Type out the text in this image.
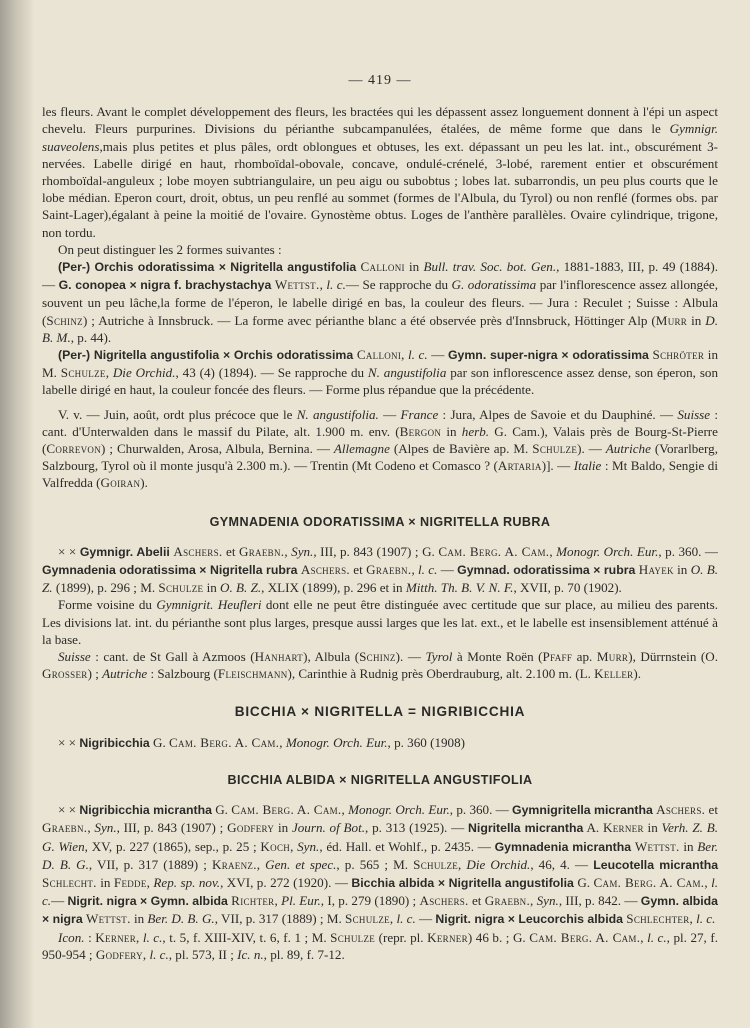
— 419 —

les fleurs. Avant le complet développement des fleurs, les bractées qui les dépassent assez longuement donnent à l'épi un aspect chevelu. Fleurs purpurines. Divisions du périanthe subcampanulées, étalées, de même forme que dans le Gymnigr. suaveolens,mais plus petites et plus pâles, ordt oblongues et obtuses, les ext. dépassant un peu les lat. int., obscurément 3-nervées. Labelle dirigé en haut, rhomboïdal-obovale, concave, ondulé-crénelé, 3-lobé, rarement entier et obscurément rhomboïdal-anguleux ; lobe moyen subtriangulaire, un peu aigu ou subobtus ; lobes lat. subarrondis, un peu plus courts que le lobe médian. Eperon court, droit, obtus, un peu renflé au sommet (formes de l'Albula, du Tyrol) ou non renflé (formes obs. par Saint-Lager),égalant à peine la moitié de l'ovaire. Gynostème obtus. Loges de l'anthère parallèles. Ovaire cylindrique, trigone, non tordu.

On peut distinguer les 2 formes suivantes :

(Per-) Orchis odoratissima × Nigritella angustifolia Calloni in Bull. trav. Soc. bot. Gen., 1881-1883, III, p. 49 (1884). — G. conopea × nigra f. brachystachya Wettst., l. c.— Se rapproche du G. odoratissima par l'inflorescence assez allongée, souvent un peu lâche,la forme de l'éperon, le labelle dirigé en bas, la couleur des fleurs. — Jura : Reculet ; Suisse : Albula (Schinz) ; Autriche à Innsbruck. — La forme avec périanthe blanc a été observée près d'Innsbruck, Höttinger Alp (Murr in D. B. M., p. 44).

(Per-) Nigritella angustifolia × Orchis odoratissima Calloni, l. c. — Gymn. super-nigra × odoratissima Schröter in M. Schulze, Die Orchid., 43 (4) (1894). — Se rapproche du N. angustifolia par son inflorescence assez dense, son éperon, son labelle dirigé en haut, la couleur foncée des fleurs. — Forme plus répandue que la précédente.

V. v. — Juin, août, ordt plus précoce que le N. angustifolia. — France : Jura, Alpes de Savoie et du Dauphiné. — Suisse : cant. d'Unterwalden dans le massif du Pilate, alt. 1.900 m. env. (Bergon in herb. G. Cam.), Valais près de Bourg-St-Pierre (Correvon) ; Churwalden, Arosa, Albula, Bernina. — Allemagne (Alpes de Bavière ap. M. Schulze). — Autriche (Vorarlberg, Salzbourg, Tyrol où il monte jusqu'à 2.300 m.). — Trentin (Mt Codeno et Comasco ? (Artaria)]. — Italie : Mt Baldo, Sengie di Valfredda (Goiran).

GYMNADENIA ODORATISSIMA × NIGRITELLA RUBRA

× × Gymnigr. Abelii Aschers. et Graebn., Syn., III, p. 843 (1907) ; G. Cam. Berg. A. Cam., Monogr. Orch. Eur., p. 360. — Gymnadenia odoratissima × Nigritella rubra Aschers. et Graebn., l. c. — Gymnad. odoratissima × rubra Hayek in O. B. Z. (1899), p. 296 ; M. Schulze in O. B. Z., XLIX (1899), p. 296 et in Mitth. Th. B. V. N. F., XVII, p. 70 (1902).

Forme voisine du Gymnigrit. Heufleri dont elle ne peut être distinguée avec certitude que sur place, au milieu des parents. Les divisions lat. int. du périanthe sont plus larges, presque aussi larges que les lat. ext., et le labelle est insensiblement atténué à la base.

Suisse : cant. de St Gall à Azmoos (Hanhart), Albula (Schinz). — Tyrol à Monte Roën (Pfaff ap. Murr), Dürrnstein (O. Grosser) ; Autriche : Salzbourg (Fleischmann), Carinthie à Rudnig près Oberdrauburg, alt. 2.100 m. (L. Keller).

BICCHIA × NIGRITELLA = NIGRIBICCHIA

× × Nigribicchia G. Cam. Berg. A. Cam., Monogr. Orch. Eur., p. 360 (1908)

BICCHIA ALBIDA × NIGRITELLA ANGUSTIFOLIA

× × Nigribicchia micrantha G. Cam. Berg. A. Cam., Monogr. Orch. Eur., p. 360. — Gymnigritella micrantha Aschers. et Graebn., Syn., III, p. 843 (1907) ; Godfery in Journ. of Bot., p. 313 (1925). — Nigritella micrantha A. Kerner in Verh. Z. B. G. Wien, XV, p. 227 (1865), sep., p. 25 ; Koch, Syn., éd. Hall. et Wohlf., p. 2435. — Gymnadenia micrantha Wettst. in Ber. D. B. G., VII, p. 317 (1889) ; Kraenz., Gen. et spec., p. 565 ; M. Schulze, Die Orchid., 46, 4. — Leucotella micrantha Schlecht. in Fedde, Rep. sp. nov., XVI, p. 272 (1920). — Bicchia albida × Nigritella angustifolia G. Cam. Berg. A. Cam., l. c.— Nigrit. nigra × Gymn. albida Richter, Pl. Eur., I, p. 279 (1890) ; Aschers. et Graebn., Syn., III, p. 842. — Gymn. albida × nigra Wettst. in Ber. D. B. G., VII, p. 317 (1889) ; M. Schulze, l. c. — Nigrit. nigra × Leucorchis albida Schlechter, l. c.

Icon. : Kerner, l. c., t. 5, f. XIII-XIV, t. 6, f. 1 ; M. Schulze (repr. pl. Kerner) 46 b. ; G. Cam. Berg. A. Cam., l. c., pl. 27, f. 950-954 ; Godfery, l. c., pl. 573, II ; Ic. n., pl. 89, f. 7-12.
